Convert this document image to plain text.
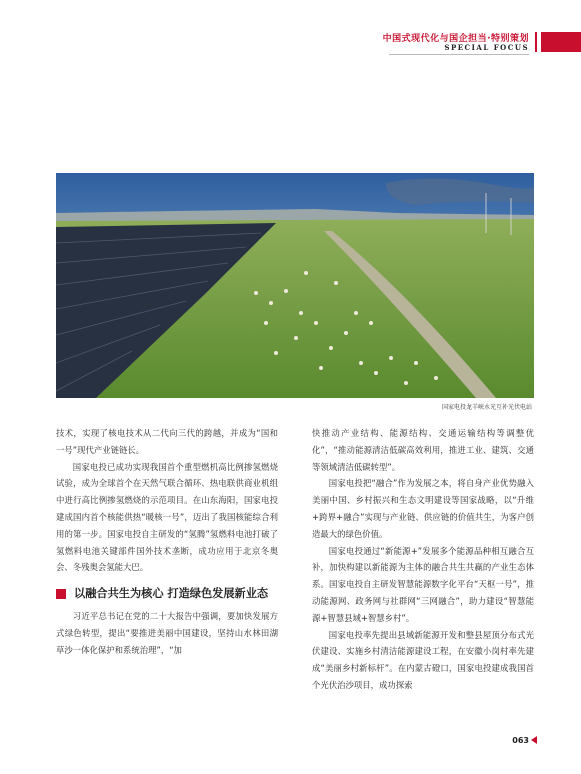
中国式现代化与国企担当·特别策划
SPECIAL FOCUS
国家电投龙羊峡水光互补光伏电站

技术，实现了核电技术从二代向三代的跨越，并成为“国和一号”现代产业链链长。

国家电投已成功实现我国首个重型燃机高比例掺氢燃烧试验，成为全球首个在天然气联合循环、热电联供商业机组中进行高比例掺氢燃烧的示范项目。在山东海阳，国家电投建成国内首个核能供热“暖核一号”，迈出了我国核能综合利用的第一步。国家电投自主研发的“氢腾”氢燃料电池打破了氢燃料电池关键部件国外技术垄断，成功应用于北京冬奥会、冬残奥会氢能大巴。

以融合共生为核心 打造绿色发展新业态

习近平总书记在党的二十大报告中强调，要加快发展方式绿色转型，提出“要推进美丽中国建设，坚持山水林田湖草沙一体化保护和系统治理”，“加

快推动产业结构、能源结构、交通运输结构等调整优化”，“推动能源清洁低碳高效利用，推进工业、建筑、交通等领域清洁低碳转型”。

国家电投把“融合”作为发展之本，将自身产业优势融入美丽中国、乡村振兴和生态文明建设等国家战略，以“升维+跨界+融合”实现与产业链、供应链的价值共生，为客户创造最大的绿色价值。

国家电投通过“新能源+”发展多个能源品种相互融合互补，加快构建以新能源为主体的融合共生共赢的产业生态体系。国家电投自主研发智慧能源数字化平台“天枢一号”，推动能源网、政务网与社群网“三网融合”，助力建设“智慧能源+智慧县域+智慧乡村”。

国家电投率先提出县域新能源开发和整县屋顶分布式光伏建设、实施乡村清洁能源建设工程，在安徽小岗村率先建成“美丽乡村新标杆”。在内蒙古磴口，国家电投建成我国首个光伏治沙项目，成功探索

063
